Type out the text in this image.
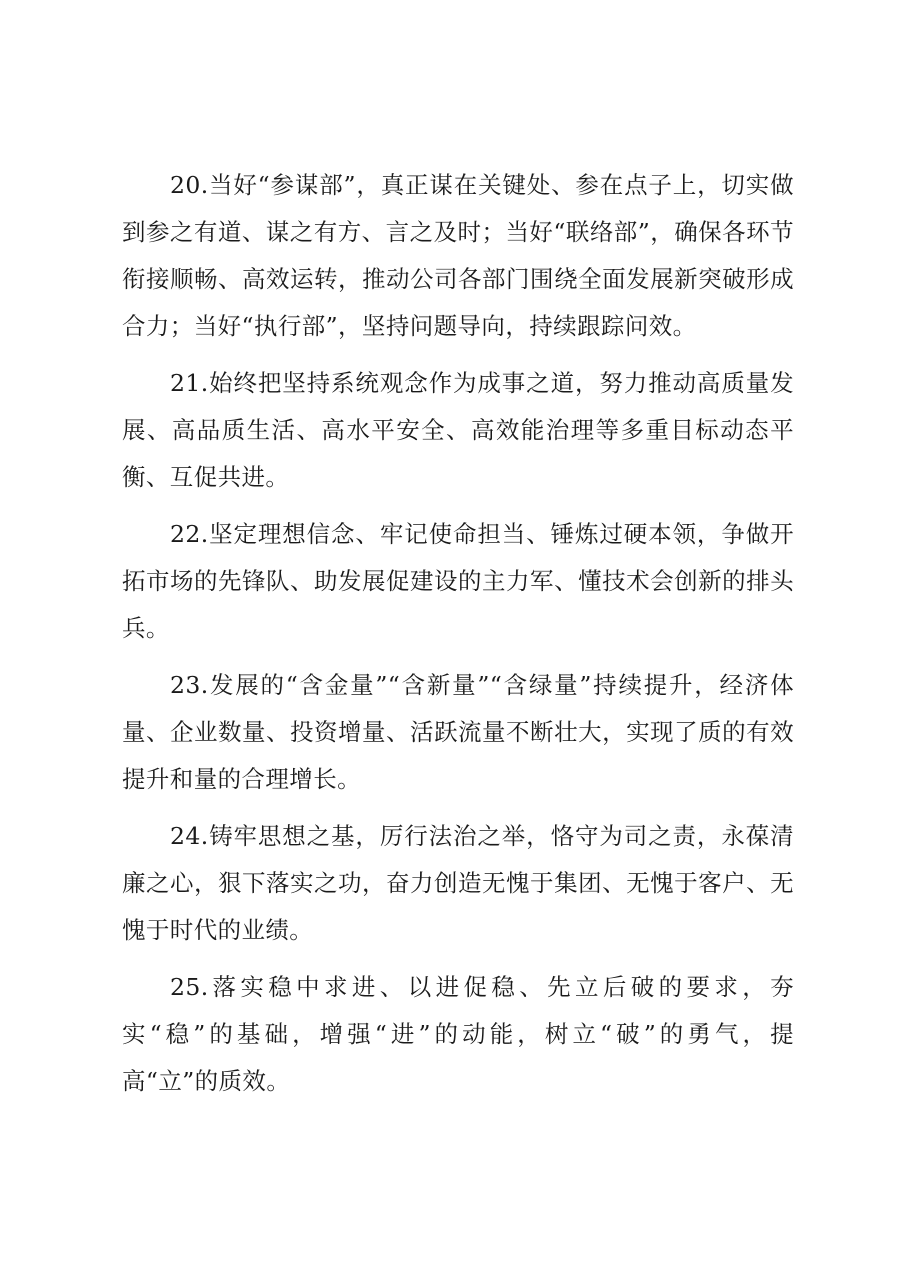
20.当好“参谋部”，真正谋在关键处、参在点子上，切实做到参之有道、谋之有方、言之及时；当好“联络部”，确保各环节衔接顺畅、高效运转，推动公司各部门围绕全面发展新突破形成合力；当好“执行部”，坚持问题导向，持续跟踪问效。

21.始终把坚持系统观念作为成事之道，努力推动高质量发展、高品质生活、高水平安全、高效能治理等多重目标动态平衡、互促共进。

22.坚定理想信念、牢记使命担当、锤炼过硬本领，争做开拓市场的先锋队、助发展促建设的主力军、懂技术会创新的排头兵。

23.发展的“含金量”“含新量”“含绿量”持续提升，经济体量、企业数量、投资增量、活跃流量不断壮大，实现了质的有效提升和量的合理增长。

24.铸牢思想之基，厉行法治之举，恪守为司之责，永葆清廉之心，狠下落实之功，奋力创造无愧于集团、无愧于客户、无愧于时代的业绩。

25.落实稳中求进、以进促稳、先立后破的要求，夯实“稳”的基础，增强“进”的动能，树立“破”的勇气，提高“立”的质效。
